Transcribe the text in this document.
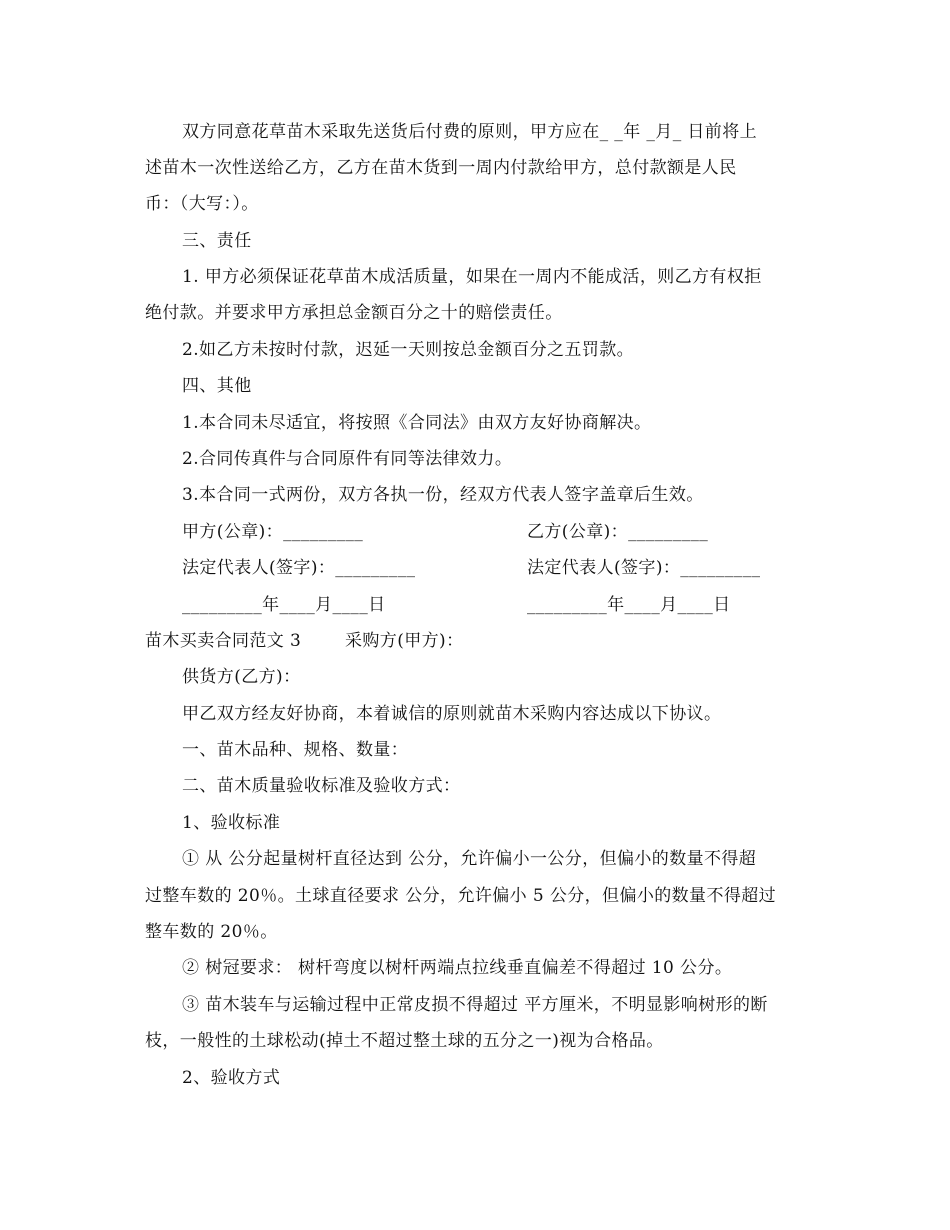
双方同意花草苗木采取先送货后付费的原则，甲方应在_ _年 _月_ 日前将上
述苗木一次性送给乙方，乙方在苗木货到一周内付款给甲方，总付款额是人民
币：（大写：）。
三、责任
1. 甲方必须保证花草苗木成活质量，如果在一周内不能成活，则乙方有权拒
绝付款。并要求甲方承担总金额百分之十的赔偿责任。
2.如乙方未按时付款，迟延一天则按总金额百分之五罚款。
四、其他
1.本合同未尽适宜，将按照《合同法》由双方友好协商解决。
2.合同传真件与合同原件有同等法律效力。
3.本合同一式两份，双方各执一份，经双方代表人签字盖章后生效。
甲方(公章)：_________	乙方(公章)：_________
法定代表人(签字)：_________	法定代表人(签字)：_________
_________年____月____日	_________年____月____日
苗木买卖合同范文 3	采购方(甲方)：
供货方(乙方)：
甲乙双方经友好协商，本着诚信的原则就苗木采购内容达成以下协议。
一、苗木品种、规格、数量：
二、苗木质量验收标准及验收方式：
1、验收标准
① 从 公分起量树杆直径达到 公分，允许偏小一公分，但偏小的数量不得超
过整车数的 20％。土球直径要求 公分，允许偏小 5 公分，但偏小的数量不得超过
整车数的 20％。
② 树冠要求： 树杆弯度以树杆两端点拉线垂直偏差不得超过 10 公分。
③ 苗木装车与运输过程中正常皮损不得超过 平方厘米，不明显影响树形的断
枝，一般性的土球松动(掉土不超过整土球的五分之一)视为合格品。
2、验收方式
